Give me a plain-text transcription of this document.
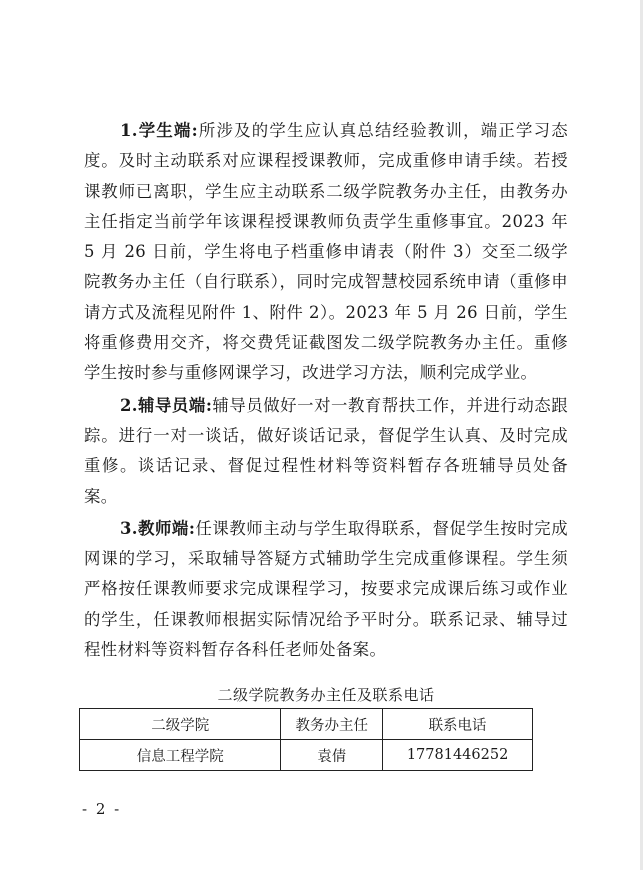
1.学生端:所涉及的学生应认真总结经验教训，端正学习态度。及时主动联系对应课程授课教师，完成重修申请手续。若授课教师已离职，学生应主动联系二级学院教务办主任，由教务办主任指定当前学年该课程授课教师负责学生重修事宜。2023 年 5 月 26 日前，学生将电子档重修申请表（附件 3）交至二级学院教务办主任（自行联系），同时完成智慧校园系统申请（重修申请方式及流程见附件 1、附件 2）。2023 年 5 月 26 日前，学生将重修费用交齐，将交费凭证截图发二级学院教务办主任。重修学生按时参与重修网课学习，改进学习方法，顺利完成学业。

2.辅导员端:辅导员做好一对一教育帮扶工作，并进行动态跟踪。进行一对一谈话，做好谈话记录，督促学生认真、及时完成重修。谈话记录、督促过程性材料等资料暂存各班辅导员处备案。

3.教师端:任课教师主动与学生取得联系，督促学生按时完成网课的学习，采取辅导答疑方式辅助学生完成重修课程。学生须严格按任课教师要求完成课程学习，按要求完成课后练习或作业的学生，任课教师根据实际情况给予平时分。联系记录、辅导过程性材料等资料暂存各科任老师处备案。

二级学院教务办主任及联系电话
二级学院	教务办主任	联系电话
信息工程学院	袁倩	17781446252
- 2 -
